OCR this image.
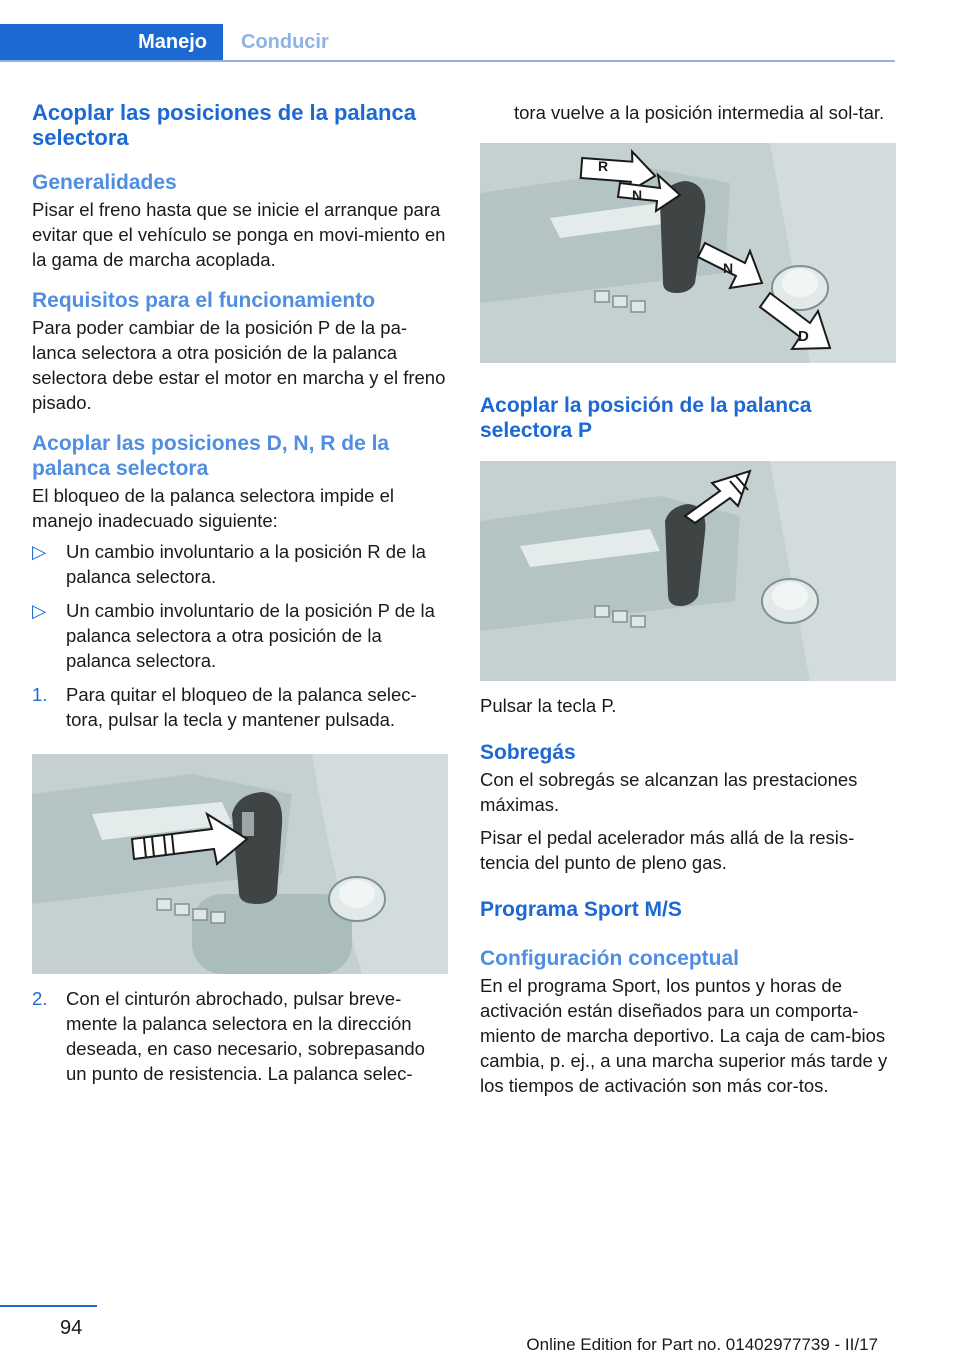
Manejo	Conducir
Acoplar las posiciones de la palanca selectora
Generalidades

Pisar el freno hasta que se inicie el arranque para evitar que el vehículo se ponga en movi-miento en la gama de marcha acoplada.

Requisitos para el funcionamiento

Para poder cambiar de la posición P de la pa-lanca selectora a otra posición de la palanca selectora debe estar el motor en marcha y el freno pisado.

Acoplar las posiciones D, N, R de la palanca selectora

El bloqueo de la palanca selectora impide el manejo inadecuado siguiente:

▷ Un cambio involuntario a la posición R de la palanca selectora.
▷ Un cambio involuntario de la posición P de la palanca selectora a otra posición de la palanca selectora.
1. Para quitar el bloqueo de la palanca selec-tora, pulsar la tecla y mantener pulsada.
2. Con el cinturón abrochado, pulsar breve-mente la palanca selectora en la dirección deseada, en caso necesario, sobrepasando un punto de resistencia. La palanca selec-

tora vuelve a la posición intermedia al sol-tar.

R
N
N
D
Acoplar la posición de la palanca selectora P

Pulsar la tecla P.

Sobregás

Con el sobregás se alcanzan las prestaciones máximas.

Pisar el pedal acelerador más allá de la resis-tencia del punto de pleno gas.

Programa Sport M/S
Configuración conceptual

En el programa Sport, los puntos y horas de activación están diseñados para un comporta-miento de marcha deportivo. La caja de cam-bios cambia, p. ej., a una marcha superior más tarde y los tiempos de activación son más cor-tos.

94
Online Edition for Part no. 01402977739 - II/17
